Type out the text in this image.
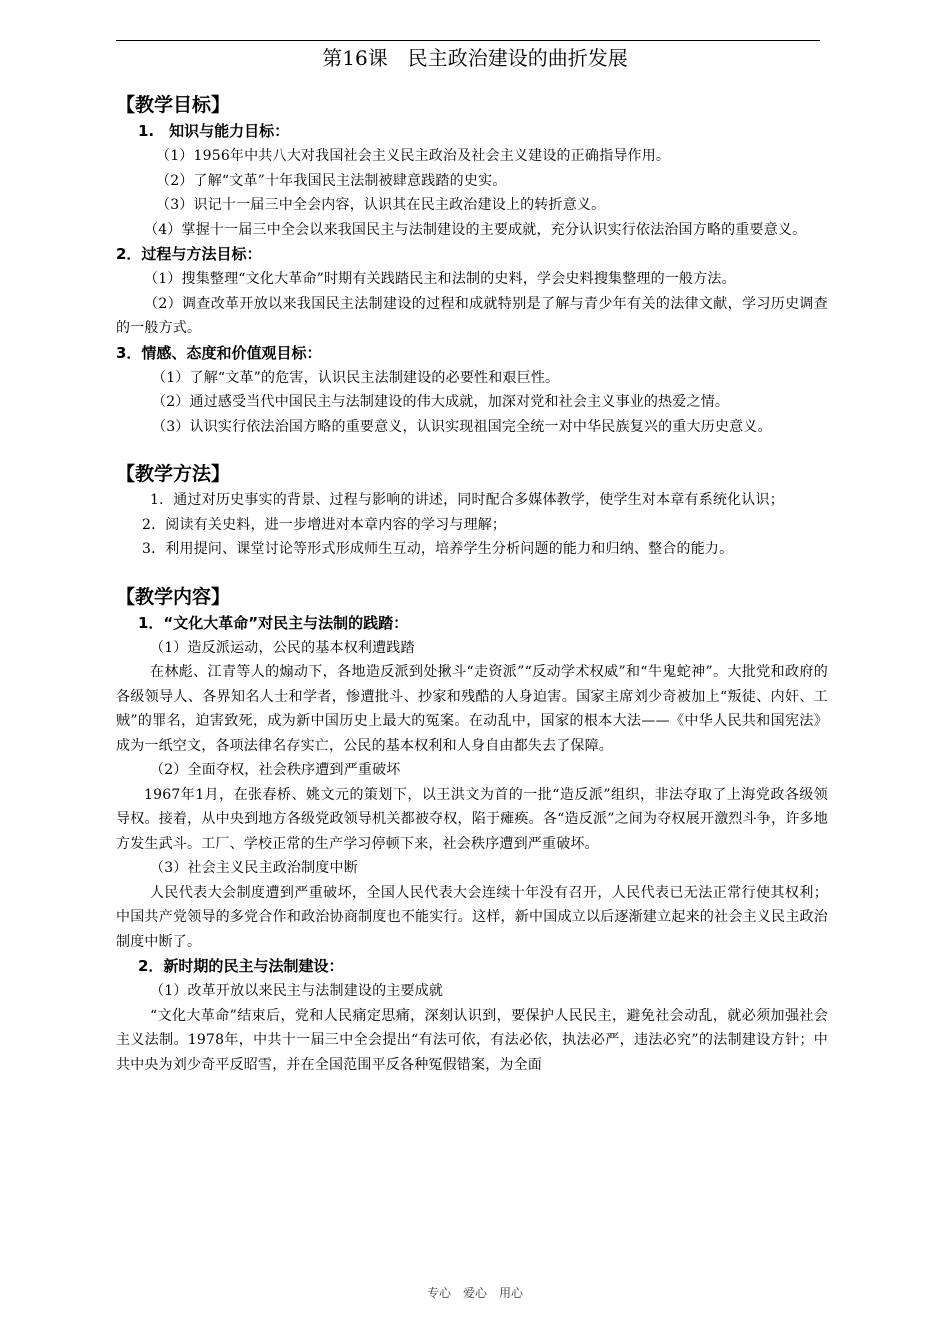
第16课　民主政治建设的曲折发展

【教学目标】

1.　知识与能力目标：

（1）1956年中共八大对我国社会主义民主政治及社会主义建设的正确指导作用。

（2）了解“文革”十年我国民主法制被肆意践踏的史实。

（3）识记十一届三中全会内容，认识其在民主政治建设上的转折意义。

（4）掌握十一届三中全会以来我国民主与法制建设的主要成就，充分认识实行依法治国方略的重要意义。

2．过程与方法目标：

（1）搜集整理“文化大革命”时期有关践踏民主和法制的史料，学会史料搜集整理的一般方法。

（2）调查改革开放以来我国民主法制建设的过程和成就特别是了解与青少年有关的法律文献，学习历史调查的一般方式。

3．情感、态度和价值观目标：

（1）了解“文革”的危害，认识民主法制建设的必要性和艰巨性。

（2）通过感受当代中国民主与法制建设的伟大成就，加深对党和社会主义事业的热爱之情。

（3）认识实行依法治国方略的重要意义，认识实现祖国完全统一对中华民族复兴的重大历史意义。

【教学方法】

1．通过对历史事实的背景、过程与影响的讲述，同时配合多媒体教学，使学生对本章有系统化认识；

2．阅读有关史料，进一步增进对本章内容的学习与理解；

3．利用提问、课堂讨论等形式形成师生互动，培养学生分析问题的能力和归纳、整合的能力。

【教学内容】

1．“文化大革命”对民主与法制的践踏：

（1）造反派运动，公民的基本权利遭践踏

在林彪、江青等人的煽动下，各地造反派到处揪斗“走资派”“反动学术权威”和“牛鬼蛇神”。大批党和政府的各级领导人、各界知名人士和学者，惨遭批斗、抄家和残酷的人身迫害。国家主席刘少奇被加上“叛徒、内奸、工贼”的罪名，迫害致死，成为新中国历史上最大的冤案。在动乱中，国家的根本大法——《中华人民共和国宪法》成为一纸空文，各项法律名存实亡，公民的基本权利和人身自由都失去了保障。

（2）全面夺权，社会秩序遭到严重破坏

1967年1月，在张春桥、姚文元的策划下，以王洪文为首的一批“造反派”组织，非法夺取了上海党政各级领导权。接着，从中央到地方各级党政领导机关都被夺权，陷于瘫痪。各“造反派”之间为夺权展开激烈斗争，许多地方发生武斗。工厂、学校正常的生产学习停顿下来，社会秩序遭到严重破坏。

（3）社会主义民主政治制度中断

人民代表大会制度遭到严重破坏，全国人民代表大会连续十年没有召开，人民代表已无法正常行使其权利；中国共产党领导的多党合作和政治协商制度也不能实行。这样，新中国成立以后逐渐建立起来的社会主义民主政治制度中断了。

2．新时期的民主与法制建设：

（1）改革开放以来民主与法制建设的主要成就

“文化大革命”结束后，党和人民痛定思痛，深刻认识到，要保护人民民主，避免社会动乱，就必须加强社会主义法制。1978年，中共十一届三中全会提出“有法可依，有法必依，执法必严，违法必究”的法制建设方针；中共中央为刘少奇平反昭雪，并在全国范围平反各种冤假错案，为全面

专心　爱心　用心
